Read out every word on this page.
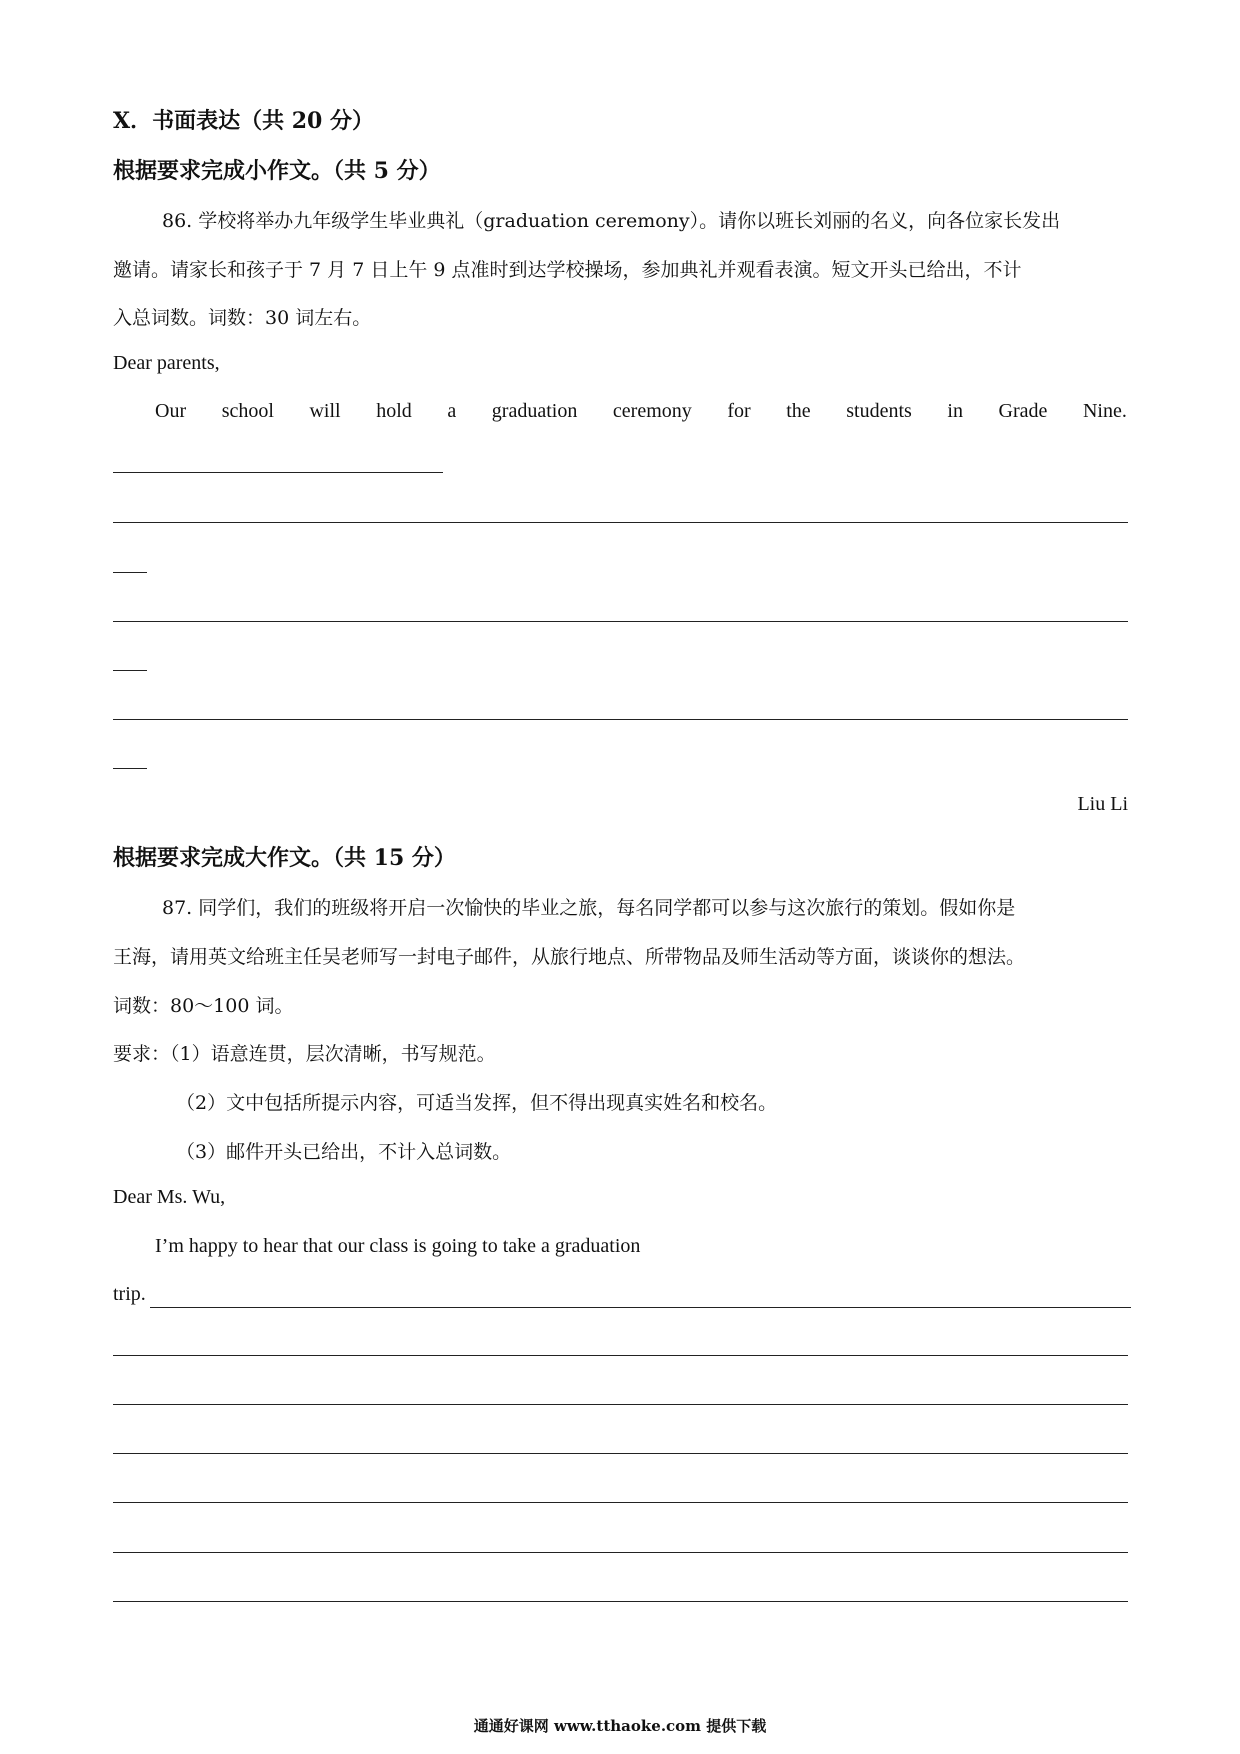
X．书面表达（共 20 分）
根据要求完成小作文。（共 5 分）
86. 学校将举办九年级学生毕业典礼（graduation ceremony）。请你以班长刘丽的名义，向各位家长发出
邀请。请家长和孩子于 7 月 7 日上午 9 点准时到达学校操场，参加典礼并观看表演。短文开头已给出，不计
入总词数。词数：30 词左右。
Dear parents,
Our school will hold a graduation ceremony for the students in Grade Nine.
Liu Li
根据要求完成大作文。（共 15 分）
87. 同学们，我们的班级将开启一次愉快的毕业之旅，每名同学都可以参与这次旅行的策划。假如你是
王海，请用英文给班主任吴老师写一封电子邮件，从旅行地点、所带物品及师生活动等方面，谈谈你的想法。
词数：80～100 词。
要求：（1）语意连贯，层次清晰，书写规范。
（2）文中包括所提示内容，可适当发挥，但不得出现真实姓名和校名。
（3）邮件开头已给出，不计入总词数。
Dear Ms. Wu,
I’m happy to hear that our class is going to take a graduation
trip.
通通好课网 www.tthaoke.com 提供下载
